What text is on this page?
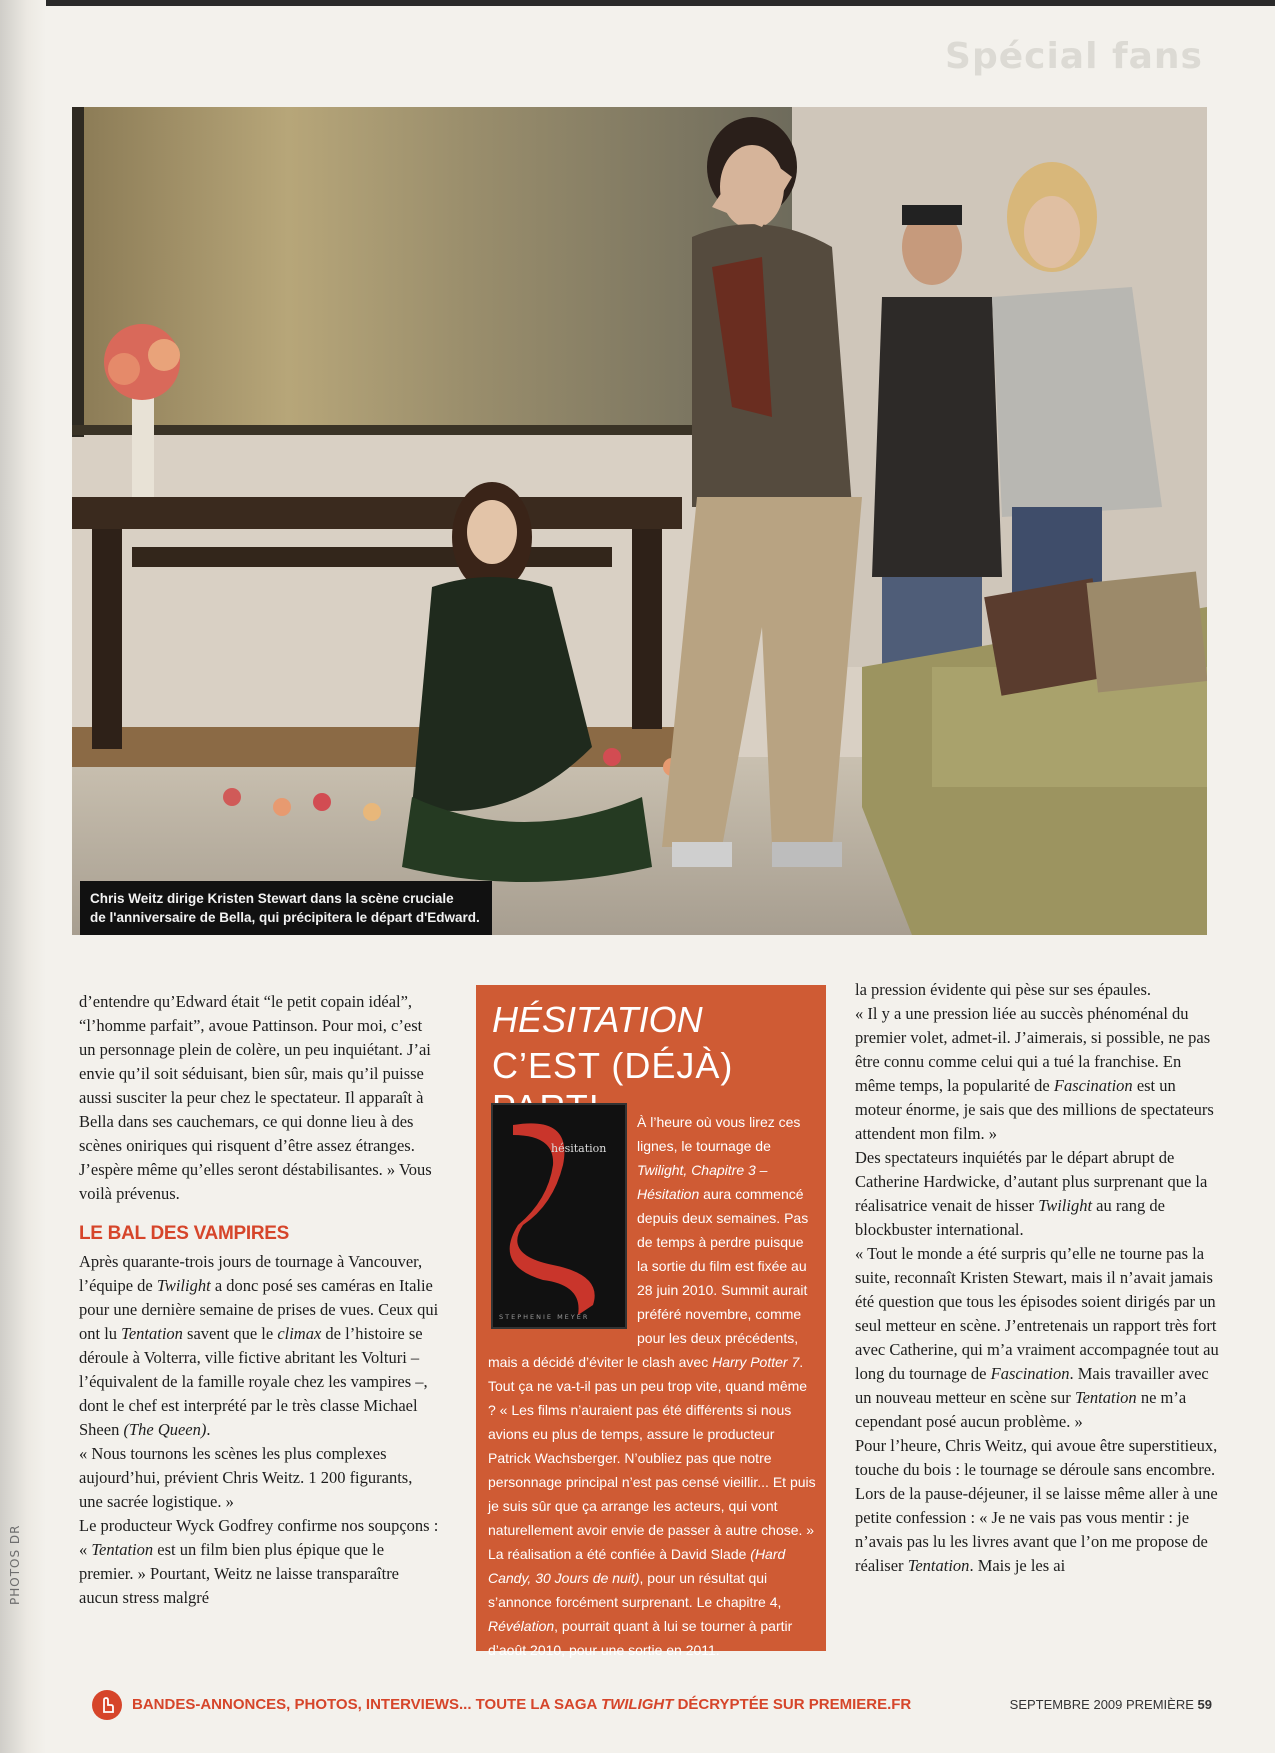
Spécial fans
PHOTOS DR
Chris Weitz dirige Kristen Stewart dans la scène cruciale
de l'anniversaire de Bella, qui précipitera le départ d'Edward.

d’entendre qu’Edward était “le petit copain idéal”, “l’homme parfait”, avoue Pattinson. Pour moi, c’est un personnage plein de colère, un peu inquiétant. J’ai envie qu’il soit séduisant, bien sûr, mais qu’il puisse aussi susciter la peur chez le spectateur. Il apparaît à Bella dans ses cauchemars, ce qui donne lieu à des scènes oniriques qui risquent d’être assez étranges. J’espère même qu’elles seront déstabilisantes. » Vous voilà prévenus.

LE BAL DES VAMPIRES

Après quarante-trois jours de tournage à Vancouver, l’équipe de Twilight a donc posé ses caméras en Italie pour une dernière semaine de prises de vues. Ceux qui ont lu Tentation savent que le climax de l’histoire se déroule à Volterra, ville fictive abritant les Volturi – l’équivalent de la famille royale chez les vampires –, dont le chef est interprété par le très classe Michael Sheen (The Queen).

« Nous tournons les scènes les plus complexes aujourd’hui, prévient Chris Weitz. 1 200 figurants, une sacrée logistique. »

Le producteur Wyck Godfrey confirme nos soupçons : « Tentation est un film bien plus épique que le premier. » Pourtant, Weitz ne laisse transparaître aucun stress malgré

HÉSITATION
C’EST (DÉJÀ)
hésitation
STEPHENIE MEYER
À l’heure où vous lirez ces lignes, le tournage de Twilight, Chapitre 3 – Hésitation aura commencé depuis deux semaines. Pas de temps à perdre puisque la sortie du film est fixée au 28 juin 2010. Summit aurait préféré novembre, comme pour les deux précédents, mais a décidé d’éviter le clash avec Harry Potter 7. Tout ça ne va-t-il pas un peu trop vite, quand même ? « Les films n’auraient pas été différents si nous avions eu plus de temps, assure le producteur Patrick Wachsberger. N’oubliez pas que notre personnage principal n’est pas censé vieillir... Et puis je suis sûr que ça arrange les acteurs, qui vont naturellement avoir envie de passer à autre chose. » La réalisation a été confiée à David Slade (Hard Candy, 30 Jours de nuit), pour un résultat qui s’annonce forcément surprenant. Le chapitre 4, Révélation, pourrait quant à lui se tourner à partir d’août 2010, pour une sortie en 2011.

la pression évidente qui pèse sur ses épaules.

« Il y a une pression liée au succès phénoménal du premier volet, admet-il. J’aimerais, si possible, ne pas être connu comme celui qui a tué la franchise. En même temps, la popularité de Fascination est un moteur énorme, je sais que des millions de spectateurs attendent mon film. »

Des spectateurs inquiétés par le départ abrupt de Catherine Hardwicke, d’autant plus surprenant que la réalisatrice venait de hisser Twilight au rang de blockbuster international.

« Tout le monde a été surpris qu’elle ne tourne pas la suite, reconnaît Kristen Stewart, mais il n’avait jamais été question que tous les épisodes soient dirigés par un seul metteur en scène. J’entretenais un rapport très fort avec Catherine, qui m’a vraiment accompagnée tout au long du tournage de Fascination. Mais travailler avec un nouveau metteur en scène sur Tentation ne m’a cependant posé aucun problème. »

Pour l’heure, Chris Weitz, qui avoue être superstitieux, touche du bois : le tournage se déroule sans encombre. Lors de la pause-déjeuner, il se laisse même aller à une petite confession : « Je ne vais pas vous mentir : je n’avais pas lu les livres avant que l’on me propose de réaliser Tentation. Mais je les ai

BANDES-ANNONCES, PHOTOS, INTERVIEWS... TOUTE LA SAGA TWILIGHT DÉCRYPTÉE SUR PREMIERE.FR	SEPTEMBRE 2009 PREMIÈRE 59
